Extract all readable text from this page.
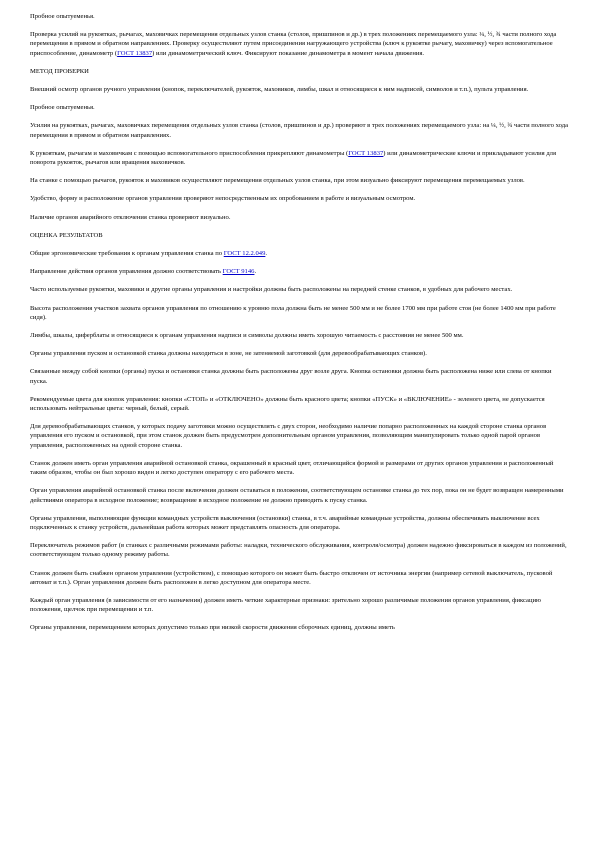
Пробное опытуеменья.

Проверка усилий на рукоятках, рычагах, маховичках перемещения отдельных узлов станка (столов, пришпинов и др.) в трех положениях перемещаемого узла: ¼, ½, ¾ части полного хода перемещения в прямом и обратном направлениях. Проверку осуществляют путем присоединения нагружающего устройства (ключ к рукоятке рычагу, маховичку) через вспомогательное приспособление, динамометр (ГОСТ 13837) или динамометрический ключ. Фиксируют показание динамометра в момент начала движения.

МЕТОД ПРОВЕРКИ

Внешний осмотр органов ручного управления (кнопок, переключателей, рукояток, маховиков, лимбы, шкал и относящиеся к ним надписей, символов и т.п.), пульта управления.

Пробное опытуеменья.

Усилия на рукоятках, рычагах, маховичках перемещения отдельных узлов станка (столов, пришпинов и др.) проверяют в трех положениях перемещаемого узла: на ¼, ½, ¾ части полного хода перемещения в прямом и обратном направлениях.

К рукояткам, рычагам и маховичкам с помощью вспомогательного приспособления прикрепляют динамометры (ГОСТ 13837) или динамометрические ключи и прикладывают усилия для поворота рукояток, рычагов или вращения маховичков.

На станке с помощью рычагов, рукояток и маховиков осуществляют перемещения отдельных узлов станка, при этом визуально фиксируют перемещения перемещаемых узлов.

Удобство, форму и расположение органов управления проверяют непосредственным их опробованием в работе и визуальным осмотром.

Наличие органов аварийного отключения станка проверяют визуально.

ОЦЕНКА РЕЗУЛЬТАТОВ

Общие эргономические требования к органам управления станка по ГОСТ 12.2.049.

Направление действия органов управления должно соответствовать ГОСТ 9146.

Часто используемые рукоятки, маховики и другие органы управления и настройки должны быть расположены на передней стенке станков, в удобных для рабочего местах.

Высота расположения участков захвата органов управления по отношению к уровню пола должна быть не менее 500 мм и не более 1700 мм при работе стоя (не более 1400 мм при работе сидя).

Лимбы, шкалы, циферблаты и относящиеся к органам управления надписи и символы должны иметь хорошую читаемость с расстояния не менее 500 мм.

Органы управления пуском и остановкой станка должны находиться в зоне, не затеняемой заготовкой (для деревообрабатывающих станков).

Связанные между собой кнопки (органы) пуска и остановки станка должны быть расположены друг возле друга. Кнопка остановки должна быть расположена ниже или слева от кнопки пуска.

Рекомендуемые цвета для кнопок управления: кнопки «СТОП» и «ОТКЛЮЧЕНО» должны быть красного цвета; кнопки «ПУСК» и «ВКЛЮЧЕНИЕ» - зеленого цвета, не допускается использовать нейтральные цвета: черный, белый, серый.

Для деревообрабатывающих станков, у которых подачу заготовки можно осуществлять с двух сторон, необходимо наличие попарно расположенных на каждой стороне станка органов управления его пуском и остановкой, при этом станок должен быть предусмотрен дополнительным органом управления, позволяющим манипулировать только одной парой органов управления, расположенных на одной стороне станка.

Станок должен иметь орган управления аварийной остановкой станка, окрашенный в красный цвет, отличающийся формой и размерами от других органов управления и расположенный таким образом, чтобы он был хорошо виден и легко доступен оператору с его рабочего места.

Орган управления аварийной остановкой станка после включения должен оставаться в положении, соответствующем остановке станка до тех пор, пока он не будет возвращен намеренными действиями оператора в исходное положение; возвращение в исходное положение не должно приводить к пуску станка.

Органы управления, выполняющие функции командных устройств выключения (остановки) станка, в т.ч. аварийные командные устройства, должны обеспечивать выключение всех подключенных к станку устройств, дальнейшая работа которых может представлять опасность для оператора.

Переключатель режимов работ (в станках с различными режимами работы: наладки, технического обслуживания, контроля/осмотра) должен надежно фиксироваться в каждом из положений, соответствующем только одному режиму работы.

Станок должен быть снабжен органом управления (устройством), с помощью которого он может быть быстро отключен от источника энергии (например сетевой выключатель, пусковой автомат и т.п.). Орган управления должен быть расположен в легко доступном для оператора месте.

Каждый орган управления (в зависимости от его назначения) должен иметь четкие характерные признаки: зрительно хорошо различимые положения органов управления, фиксацию положения, щелчок при перемещении и т.п.

Органы управления, перемещением которых допустимо только при низкой скорости движения сборочных единиц, должны иметь
